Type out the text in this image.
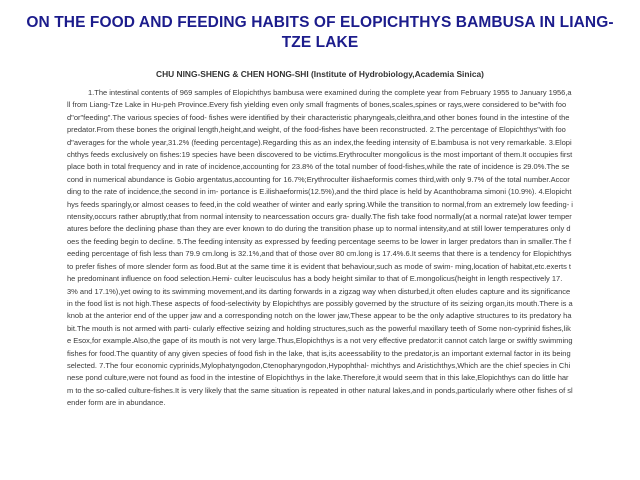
ON THE FOOD AND FEEDING HABITS OF ELOPICHTHYS BAMBUSA IN LIANG-TZE LAKE

CHU NING-SHENG & CHEN HONG-SHI (Institute of Hydrobiology,Academia Sinica)

1.The intestinal contents of 969 samples of Elopichthys bambusa were examined during the complete year from February 1955 to January 1956,all from Liang-Tze Lake in Hu-peh Province.Every fish yielding even only small fragments of bones,scales,spines or rays,were considered to be"with food"or"feeding".The various species of food- fishes were identified by their characteristic pharyngeals,cleithra,and other bones found in the intestine of the predator.From these bones the original length,height,and weight, of the food-fishes have been reconstructed. 2.The percentage of Elopichthys"with food"averages for the whole year,31.2% (feeding percentage).Regarding this as an index,the feeding intensity of E.bambusa is not very remarkable. 3.Elopichthys feeds exclusively on fishes:19 species have been discovered to be victims.Erythroculter mongolicus is the most important of them.It occupies first place both in total frequency and in rate of incidence,accounting for 23.8% of the total number of food-fishes,while the rate of incidence is 29.0%.The second in numerical abundance is Gobio argentatus,accounting for 16.7%;Erythroculter ilishaeformis comes third,with only 9.7% of the total number.According to the rate of incidence,the second in im- portance is E.ilishaeformis(12.5%),and the third place is held by Acanthobrama simoni (10.9%). 4.Elopichthys feeds sparingly,or almost ceases to feed,in the cold weather of winter and early spring.While the transition to normal,from an extremely low feeding- intensity,occurs rather abruptly,that from normal intensity to nearcessation occurs gra- dually.The fish take food normally(at a normal rate)at lower temperatures before the declining phase than they are ever known to do during the transition phase up to normal intensity,and at still lower temperatures only does the feeding begin to decline. 5.The feeding intensity as expressed by feeding percentage seems to be lower in larger predators than in smaller.The feeding percentage of fish less than 79.9 cm.long is 32.1%,and that of those over 80 cm.long is 17.4%.6.It seems that there is a tendency for Elopichthys to prefer fishes of more slender form as food.But at the same time it is evident that behaviour,such as mode of swim- ming,location of habitat,etc.exerts the predominant influence on food selection.Hemi- culter leucisculus has a body height similar to that of E.mongolicus(height in length respectively 17.3% and 17.1%),yet owing to its swimming movement,and its darting forwards in a zigzag way when disturbed,it often eludes capture and its significance in the food list is not high.These aspects of food-selectivity by Elopichthys are possibly governed by the structure of its seizing organ,its mouth.There is a knob at the anterior end of the upper jaw and a corresponding notch on the lower jaw,These appear to be the only adaptive structures to its predatory habit.The mouth is not armed with parti- cularly effective seizing and holding structures,such as the powerful maxillary teeth of Some non-cyprinid fishes,like Esox,for example.Also,the gape of its mouth is not very large.Thus,Elopichthys is a not very effective predator:it cannot catch large or swiftly swimming fishes for food.The quantity of any given species of food fish in the lake, that is,its aceessability to the predator,is an important external factor in its being selected. 7.The four economic cyprinids,Mylophatyngodon,Ctenopharyngodon,Hypophthal- michthys and Aristichthys,Which are the chief species in Chinese pond culture,were not found as food in the intestine of Elopichthys in the lake.Therefore,it would seem that in this lake,Elopichthys can do little harm to the so-called culture-fishes.It is very likely that the same situation is repeated in other natural lakes,and in ponds,particularly where other fishes of slender form are in abundance.
